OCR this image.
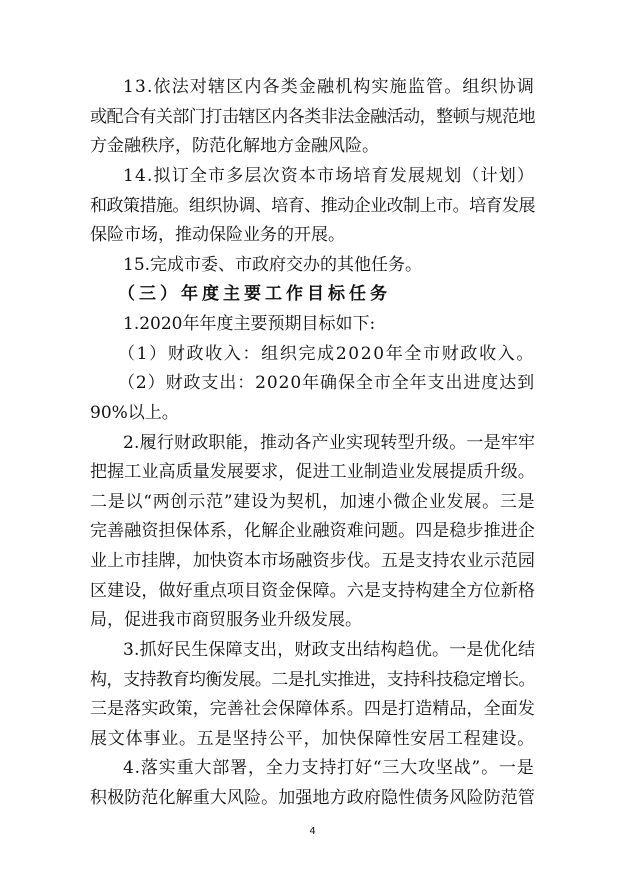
13.依法对辖区内各类金融机构实施监管。组织协调
或配合有关部门打击辖区内各类非法金融活动，整顿与规范地
方金融秩序，防范化解地方金融风险。
14.拟订全市多层次资本市场培育发展规划（计划）
和政策措施。组织协调、培育、推动企业改制上市。培育发展
保险市场，推动保险业务的开展。
15.完成市委、市政府交办的其他任务。
（三）年度主要工作目标任务
1.2020年年度主要预期目标如下:
（1）财政收入：组织完成2020年全市财政收入。
（2）财政支出：2020年确保全市全年支出进度达到
90%以上。
2.履行财政职能，推动各产业实现转型升级。一是牢牢
把握工业高质量发展要求，促进工业制造业发展提质升级。
二是以“两创示范”建设为契机，加速小微企业发展。三是
完善融资担保体系，化解企业融资难问题。四是稳步推进企
业上市挂牌，加快资本市场融资步伐。五是支持农业示范园
区建设，做好重点项目资金保障。六是支持构建全方位新格
局，促进我市商贸服务业升级发展。
3.抓好民生保障支出，财政支出结构趋优。一是优化结
构，支持教育均衡发展。二是扎实推进，支持科技稳定增长。
三是落实政策，完善社会保障体系。四是打造精品，全面发
展文体事业。五是坚持公平，加快保障性安居工程建设。
4.落实重大部署，全力支持打好“三大攻坚战”。一是
积极防范化解重大风险。加强地方政府隐性债务风险防范管
4
